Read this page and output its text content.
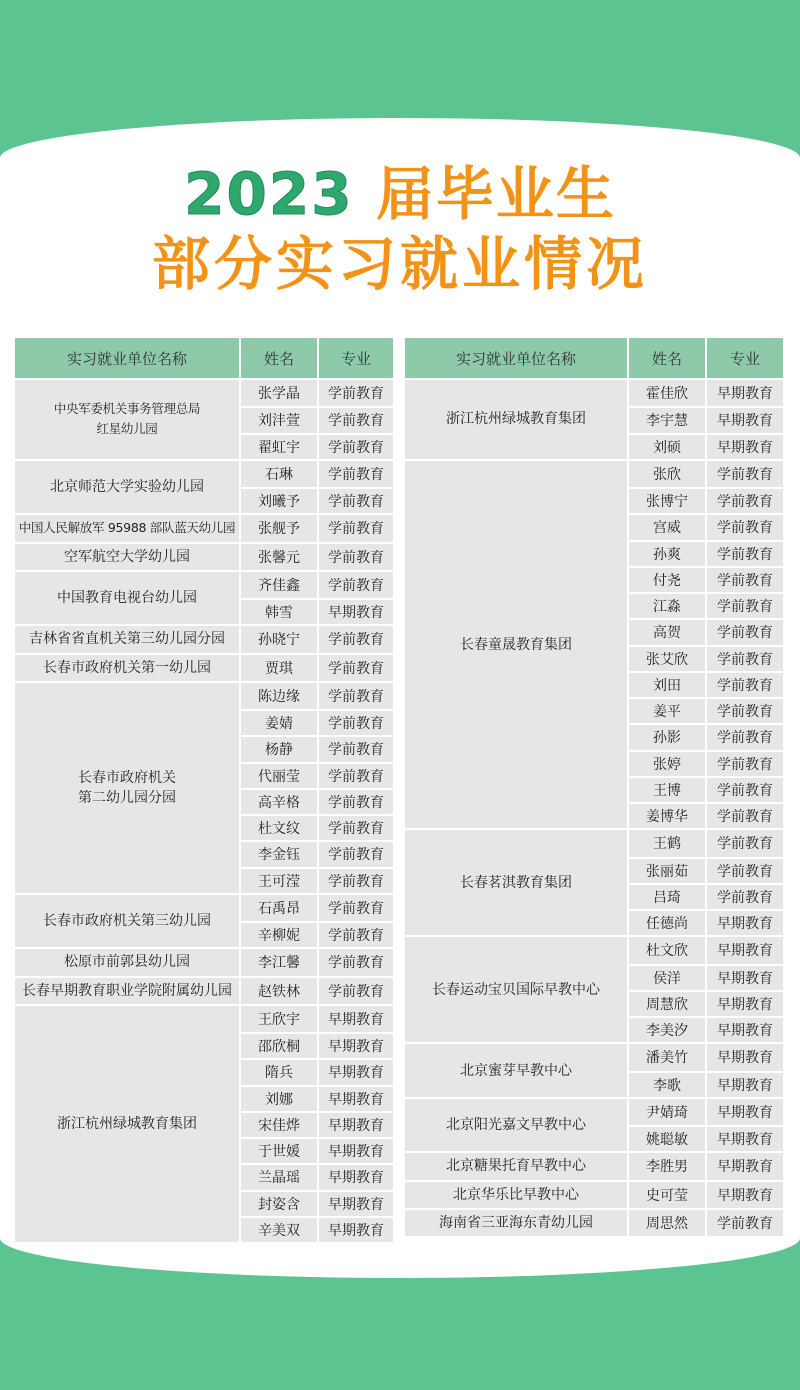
2023 届毕业生
部分实习就业情况
实习就业单位名称	姓名	专业
中央军委机关事务管理总局
红星幼儿园
张学晶	学前教育
刘沣萱	学前教育
翟虹宇	学前教育
北京师范大学实验幼儿园
石琳	学前教育
刘曦予	学前教育
中国人民解放军 95988 部队蓝天幼儿园	张舰予	学前教育
空军航空大学幼儿园	张馨元	学前教育
中国教育电视台幼儿园
齐佳鑫	学前教育
韩雪	早期教育
吉林省省直机关第三幼儿园分园	孙晓宁	学前教育
长春市政府机关第一幼儿园	贾琪	学前教育
长春市政府机关
第二幼儿园分园
陈边缘	学前教育
姜婧	学前教育
杨静	学前教育
代丽莹	学前教育
高辛格	学前教育
杜文纹	学前教育
李金钰	学前教育
王可滢	学前教育
长春市政府机关第三幼儿园
石禹昂	学前教育
辛柳妮	学前教育
松原市前郭县幼儿园	李江馨	学前教育
长春早期教育职业学院附属幼儿园	赵铁林	学前教育
浙江杭州绿城教育集团
王欣宇	早期教育
邵欣桐	早期教育
隋兵	早期教育
刘娜	早期教育
宋佳烨	早期教育
于世媛	早期教育
兰晶瑶	早期教育
封姿含	早期教育
辛美双	早期教育
实习就业单位名称	姓名	专业
浙江杭州绿城教育集团
霍佳欣	早期教育
李宇慧	早期教育
刘硕	早期教育
长春童晟教育集团
张欣	学前教育
张博宁	学前教育
宫威	学前教育
孙爽	学前教育
付尧	学前教育
江淼	学前教育
高贺	学前教育
张艾欣	学前教育
刘田	学前教育
姜平	学前教育
孙影	学前教育
张婷	学前教育
王博	学前教育
姜博华	学前教育
长春茗淇教育集团
王鹤	学前教育
张丽茹	学前教育
吕琦	学前教育
任德尚	早期教育
长春运动宝贝国际早教中心
杜文欣	早期教育
侯洋	早期教育
周慧欣	早期教育
李美汐	早期教育
北京蜜芽早教中心
潘美竹	早期教育
李歌	早期教育
北京阳光嘉文早教中心
尹婧琦	早期教育
姚聪敏	早期教育
北京糖果托育早教中心	李胜男	早期教育
北京华乐比早教中心	史可莹	早期教育
海南省三亚海东青幼儿园	周思然	学前教育
